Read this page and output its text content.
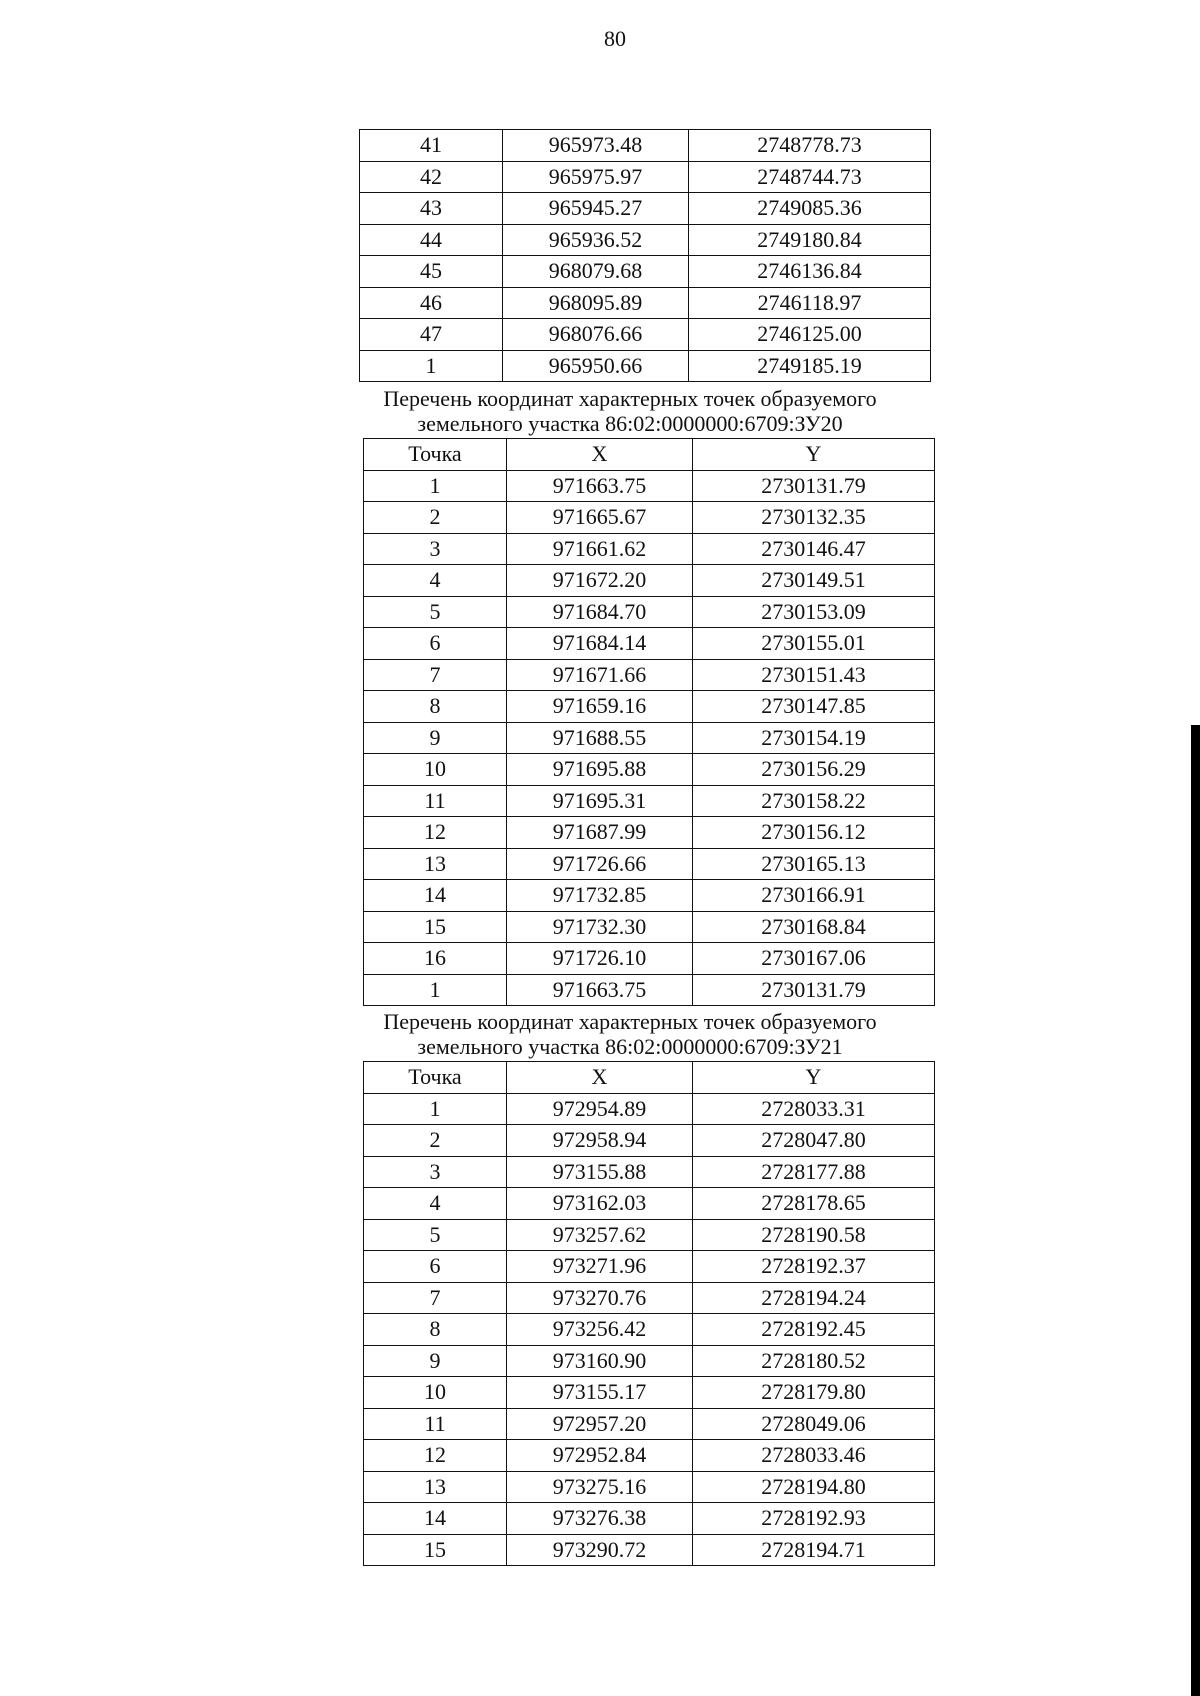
80
41	965973.48	2748778.73
42	965975.97	2748744.73
43	965945.27	2749085.36
44	965936.52	2749180.84
45	968079.68	2746136.84
46	968095.89	2746118.97
47	968076.66	2746125.00
1	965950.66	2749185.19
Перечень координат характерных точек образуемого
земельного участка 86:02:0000000:6709:ЗУ20
Точка	X	Y
1	971663.75	2730131.79
2	971665.67	2730132.35
3	971661.62	2730146.47
4	971672.20	2730149.51
5	971684.70	2730153.09
6	971684.14	2730155.01
7	971671.66	2730151.43
8	971659.16	2730147.85
9	971688.55	2730154.19
10	971695.88	2730156.29
11	971695.31	2730158.22
12	971687.99	2730156.12
13	971726.66	2730165.13
14	971732.85	2730166.91
15	971732.30	2730168.84
16	971726.10	2730167.06
1	971663.75	2730131.79
Перечень координат характерных точек образуемого
земельного участка 86:02:0000000:6709:ЗУ21
Точка	X	Y
1	972954.89	2728033.31
2	972958.94	2728047.80
3	973155.88	2728177.88
4	973162.03	2728178.65
5	973257.62	2728190.58
6	973271.96	2728192.37
7	973270.76	2728194.24
8	973256.42	2728192.45
9	973160.90	2728180.52
10	973155.17	2728179.80
11	972957.20	2728049.06
12	972952.84	2728033.46
13	973275.16	2728194.80
14	973276.38	2728192.93
15	973290.72	2728194.71
